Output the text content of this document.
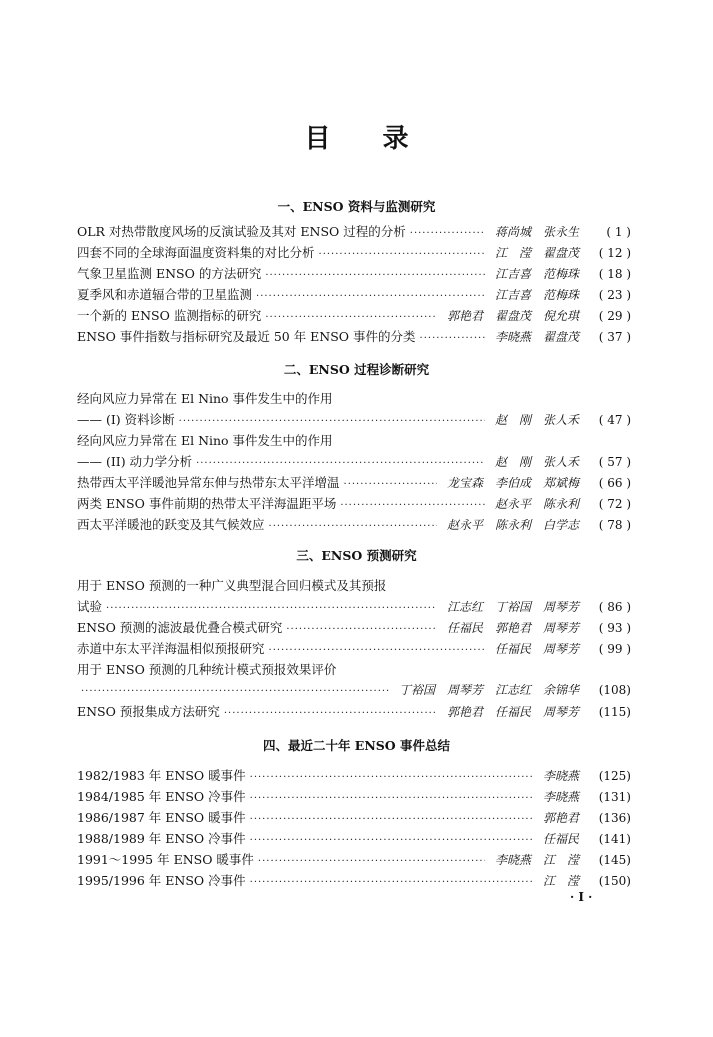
目 录
一、ENSO 资料与监测研究
OLR 对热带散度风场的反演试验及其对 ENSO 过程的分析 ·····	蒋尚城　张永生	( 1 )
四套不同的全球海面温度资料集的对比分析 ·····	江　滢　翟盘茂	( 12 )
气象卫星监测 ENSO 的方法研究 ·····	江吉喜　范梅珠	( 18 )
夏季风和赤道辐合带的卫星监测 ·····	江吉喜　范梅珠	( 23 )
一个新的 ENSO 监测指标的研究 ·····	郭艳君　翟盘茂　倪允琪	( 29 )
ENSO 事件指数与指标研究及最近 50 年 ENSO 事件的分类 ·····	李晓燕　翟盘茂	( 37 )
二、ENSO 过程诊断研究
经向风应力异常在 El Nino 事件发生中的作用
—— (I) 资料诊断 ·····	赵　刚　张人禾	( 47 )
经向风应力异常在 El Nino 事件发生中的作用
—— (II) 动力学分析 ·····	赵　刚　张人禾	( 57 )
热带西太平洋暖池异常东伸与热带东太平洋增温 ·····	龙宝森　李伯成　郑斌梅	( 66 )
两类 ENSO 事件前期的热带太平洋海温距平场 ·····	赵永平　陈永利	( 72 )
西太平洋暖池的跃变及其气候效应 ·····	赵永平　陈永利　白学志	( 78 )
三、ENSO 预测研究
用于 ENSO 预测的一种广义典型混合回归模式及其预报
试验 ·····	江志红　丁裕国　周琴芳	( 86 )
ENSO 预测的滤波最优叠合模式研究 ·····	任福民　郭艳君　周琴芳	( 93 )
赤道中东太平洋海温相似预报研究 ·····	任福民　周琴芳	( 99 )
用于 ENSO 预测的几种统计模式预报效果评价
·····
丁裕国　周琴芳　江志红　余锦华	(108)
ENSO 预报集成方法研究 ·····	郭艳君　任福民　周琴芳	(115)
四、最近二十年 ENSO 事件总结
1982/1983 年 ENSO 暖事件 ·····	李晓燕	(125)
1984/1985 年 ENSO 冷事件 ·····	李晓燕	(131)
1986/1987 年 ENSO 暖事件 ·····	郭艳君	(136)
1988/1989 年 ENSO 冷事件 ·····	任福民	(141)
1991～1995 年 ENSO 暖事件 ·····	李晓燕　江　滢	(145)
1995/1996 年 ENSO 冷事件 ·····	江　滢	(150)
· I ·
